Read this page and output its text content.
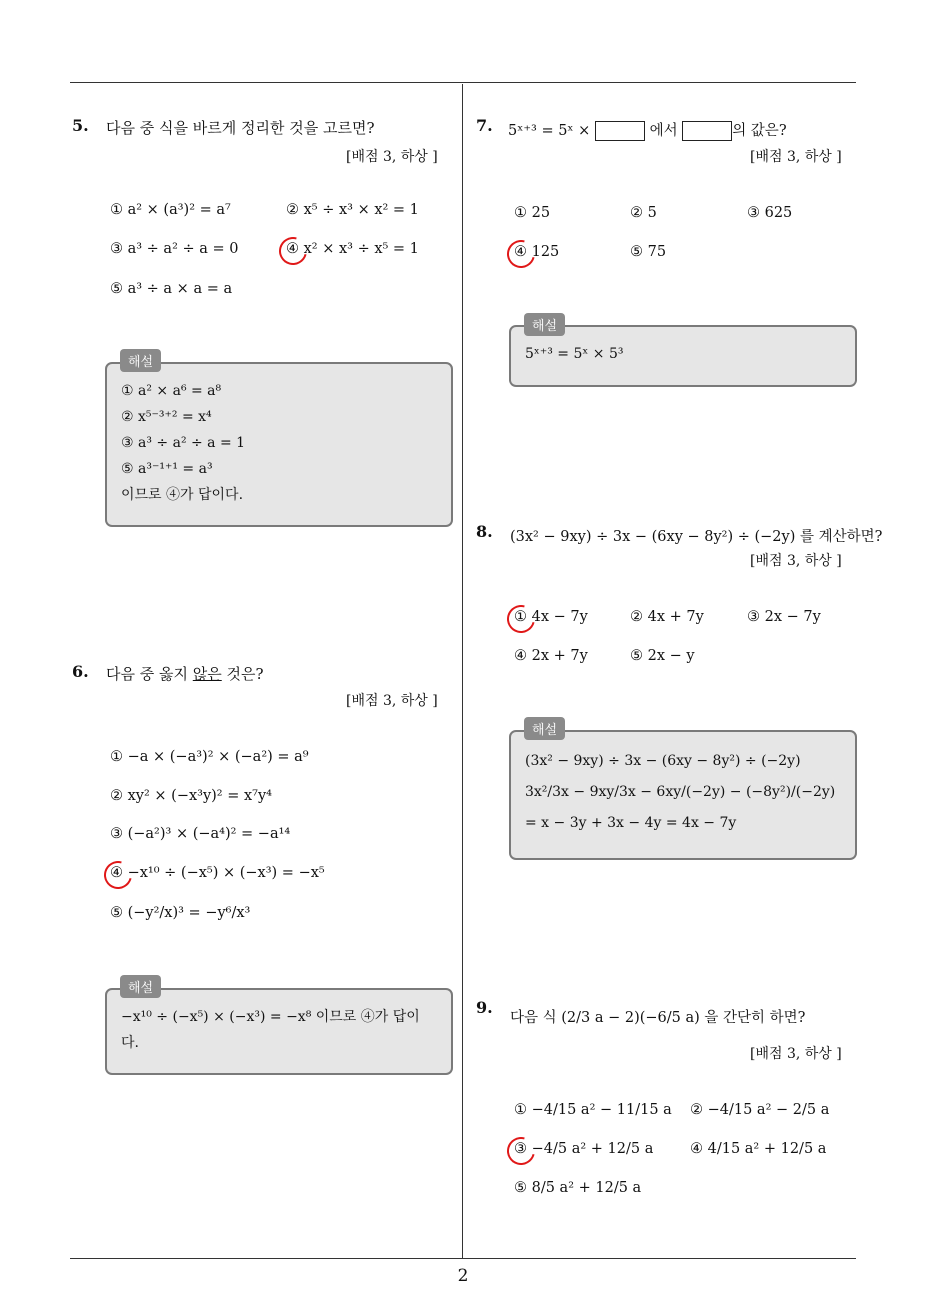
5. 다음 중 식을 바르게 정리한 것을 고르면?
[배점 3, 하상 ]
① a² × (a³)² = a⁷	② x⁵ ÷ x³ × x² = 1
③ a³ ÷ a² ÷ a = 0	④ x² × x³ ÷ x⁵ = 1
⑤ a³ ÷ a × a = a

① a² × a⁶ = a⁸

② x⁵⁻³⁺² = x⁴

③ a³ ÷ a² ÷ a = 1

⑤ a³⁻¹⁺¹ = a³

이므로 ④가 답이다.

해설
6. 다음 중 옳지 않은 것은?
[배점 3, 하상 ]
① −a × (−a³)² × (−a²) = a⁹
② xy² × (−x³y)² = x⁷y⁴
③ (−a²)³ × (−a⁴)² = −a¹⁴
④ −x¹⁰ ÷ (−x⁵) × (−x³) = −x⁵
⑤ (−y²/x)³ = −y⁶/x³

−x¹⁰ ÷ (−x⁵) × (−x³) = −x⁸ 이므로 ④가 답이

다.

해설
7. 5ˣ⁺³ = 5ˣ ×	에서	의 값은?
[배점 3, 하상 ]
① 25	② 5	③ 625
④ 125	⑤ 75

5ˣ⁺³ = 5ˣ × 5³

해설
8. (3x² − 9xy) ÷ 3x − (6xy − 8y²) ÷ (−2y) 를 계산하면?
[배점 3, 하상 ]
① 4x − 7y	② 4x + 7y	③ 2x − 7y
④ 2x + 7y	⑤ 2x − y

(3x² − 9xy) ÷ 3x − (6xy − 8y²) ÷ (−2y)

3x²/3x − 9xy/3x − 6xy/(−2y) − (−8y²)/(−2y)

= x − 3y + 3x − 4y = 4x − 7y

해설
9.
다음 식 (2/3 a − 2)(−6/5 a) 을 간단히 하면?
[배점 3, 하상 ]
① −4/15 a² − 11/15 a ② −4/15 a² − 2/5 a
③ −4/5 a² + 12/5 a	④ 4/15 a² + 12/5 a
⑤ 8/5 a² + 12/5 a
2
